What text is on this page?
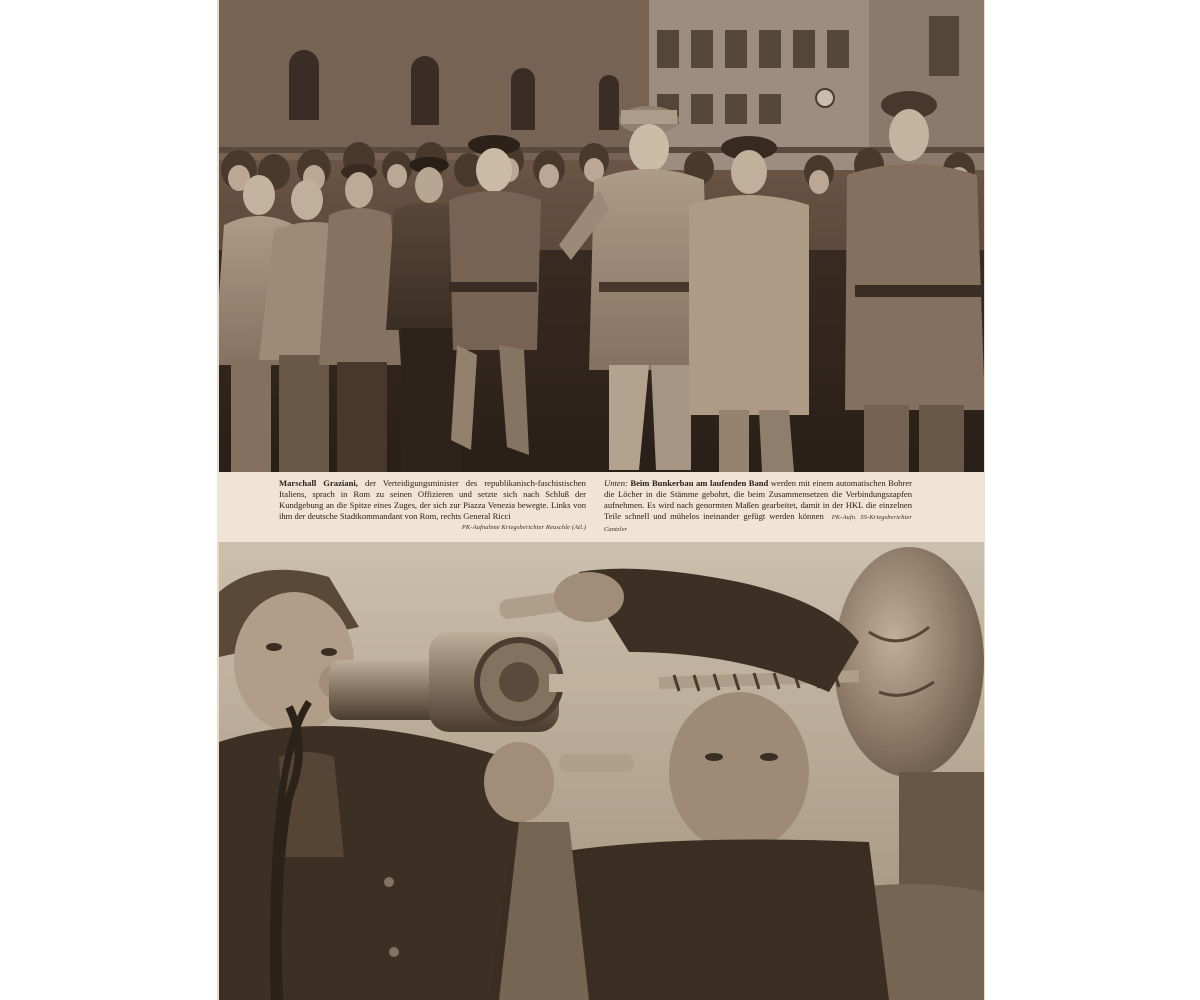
Marschall Graziani, der Verteidigungsminister des republikanisch-faschistischen Italiens, sprach in Rom zu seinen Offizieren und setzte sich nach Schluß der Kundgebung an die Spitze eines Zuges, der sich zur Piazza Venezia bewegte. Links von ihm der deutsche Stadtkommandant von Rom, rechts General Ricci
PK-Aufnahme Kriegsberichter Reuschle (Atl.)
Unten: Beim Bunkerbau am laufenden Band werden mit einem automatischen Bohrer die Löcher in die Stämme gebohrt, die beim Zusammensetzen die Verbindungszapfen aufnehmen. Es wird nach genormten Maßen gearbeitet, damit in der HKL die einzelnen Teile schnell und mühelos ineinander gefügt werden können PK-Aufn. SS-Kriegsberichter Cantzler
